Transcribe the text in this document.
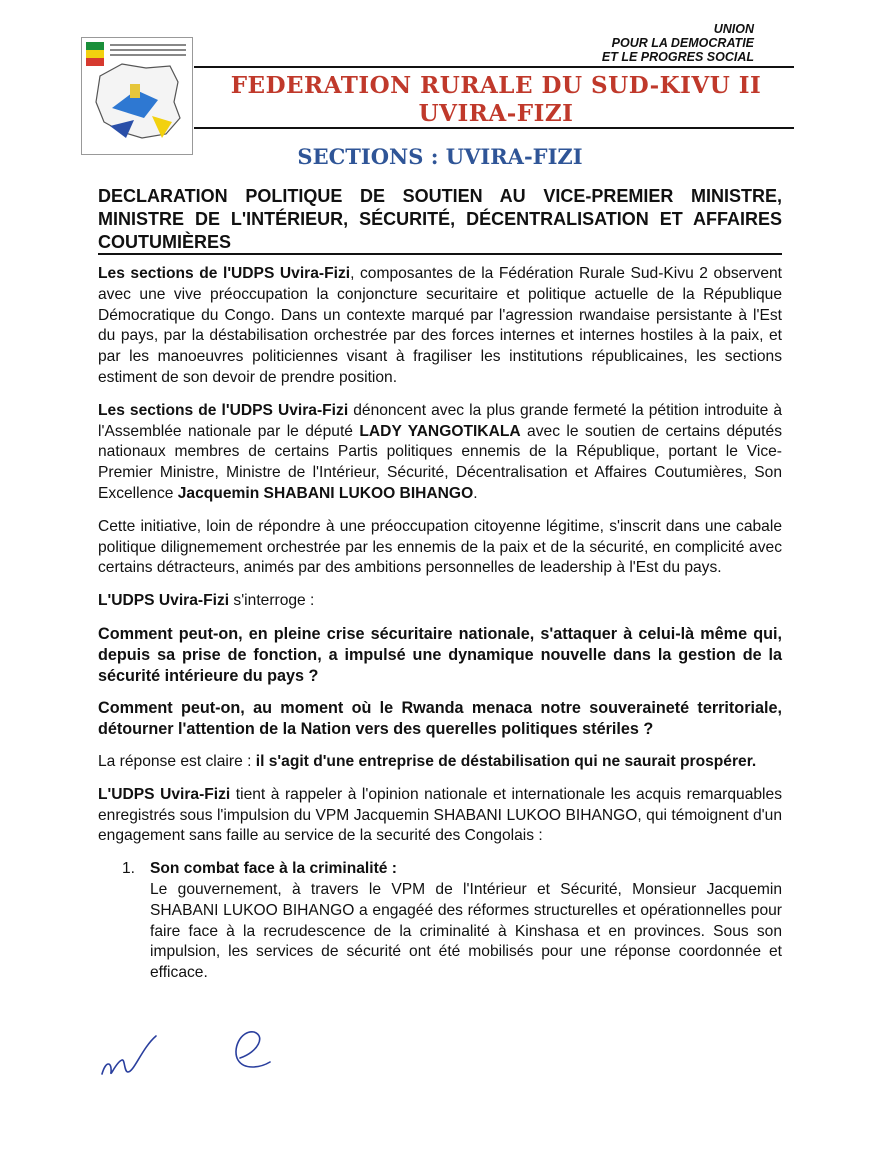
UNION
POUR LA DEMOCRATIE
ET LE PROGRES SOCIAL
FEDERATION RURALE DU SUD-KIVU II
UVIRA-FIZI
SECTIONS : UVIRA-FIZI
DECLARATION POLITIQUE DE SOUTIEN AU VICE-PREMIER MINISTRE, MINISTRE DE L'INTÉRIEUR, SÉCURITÉ, DÉCENTRALISATION ET AFFAIRES COUTUMIÈRES

Les sections de l'UDPS Uvira-Fizi, composantes de la Fédération Rurale Sud-Kivu 2 observent avec une vive préoccupation la conjoncture securitaire et politique actuelle de la République Démocratique du Congo. Dans un contexte marqué par l'agression rwandaise persistante à l'Est du pays, par la déstabilisation orchestrée par des forces internes et internes hostiles à la paix, et par les manoeuvres politiciennes visant à fragiliser les institutions républicaines, les sections estiment de son devoir de prendre position.

Les sections de l'UDPS Uvira-Fizi dénoncent avec la plus grande fermeté la pétition introduite à l'Assemblée nationale par le député LADY YANGOTIKALA avec le soutien de certains députés nationaux membres de certains Partis politiques ennemis de la République, portant le Vice-Premier Ministre, Ministre de l'Intérieur, Sécurité, Décentralisation et Affaires Coutumières, Son Excellence Jacquemin SHABANI LUKOO BIHANGO.

Cette initiative, loin de répondre à une préoccupation citoyenne légitime, s'inscrit dans une cabale politique dilignemement orchestrée par les ennemis de la paix et de la sécurité, en complicité avec certains détracteurs, animés par des ambitions personnelles de leadership à l'Est du pays.

L'UDPS Uvira-Fizi s'interroge :

Comment peut-on, en pleine crise sécuritaire nationale, s'attaquer à celui-là même qui, depuis sa prise de fonction, a impulsé une dynamique nouvelle dans la gestion de la sécurité intérieure du pays ?

Comment peut-on, au moment où le Rwanda menaca notre souveraineté territoriale, détourner l'attention de la Nation vers des querelles politiques stériles ?

La réponse est claire : il s'agit d'une entreprise de déstabilisation qui ne saurait prospérer.

L'UDPS Uvira-Fizi tient à rappeler à l'opinion nationale et internationale les acquis remarquables enregistrés sous l'impulsion du VPM Jacquemin SHABANI LUKOO BIHANGO, qui témoignent d'un engagement sans faille au service de la securité des Congolais :

1. Son combat face à la criminalité :
Le gouvernement, à travers le VPM de l'Intérieur et Sécurité, Monsieur Jacquemin SHABANI LUKOO BIHANGO a engagéé des réformes structurelles et opérationnelles pour faire face à la recrudescence de la criminalité à Kinshasa et en provinces. Sous son impulsion, les services de sécurité ont été mobilisés pour une réponse coordonnée et efficace.
